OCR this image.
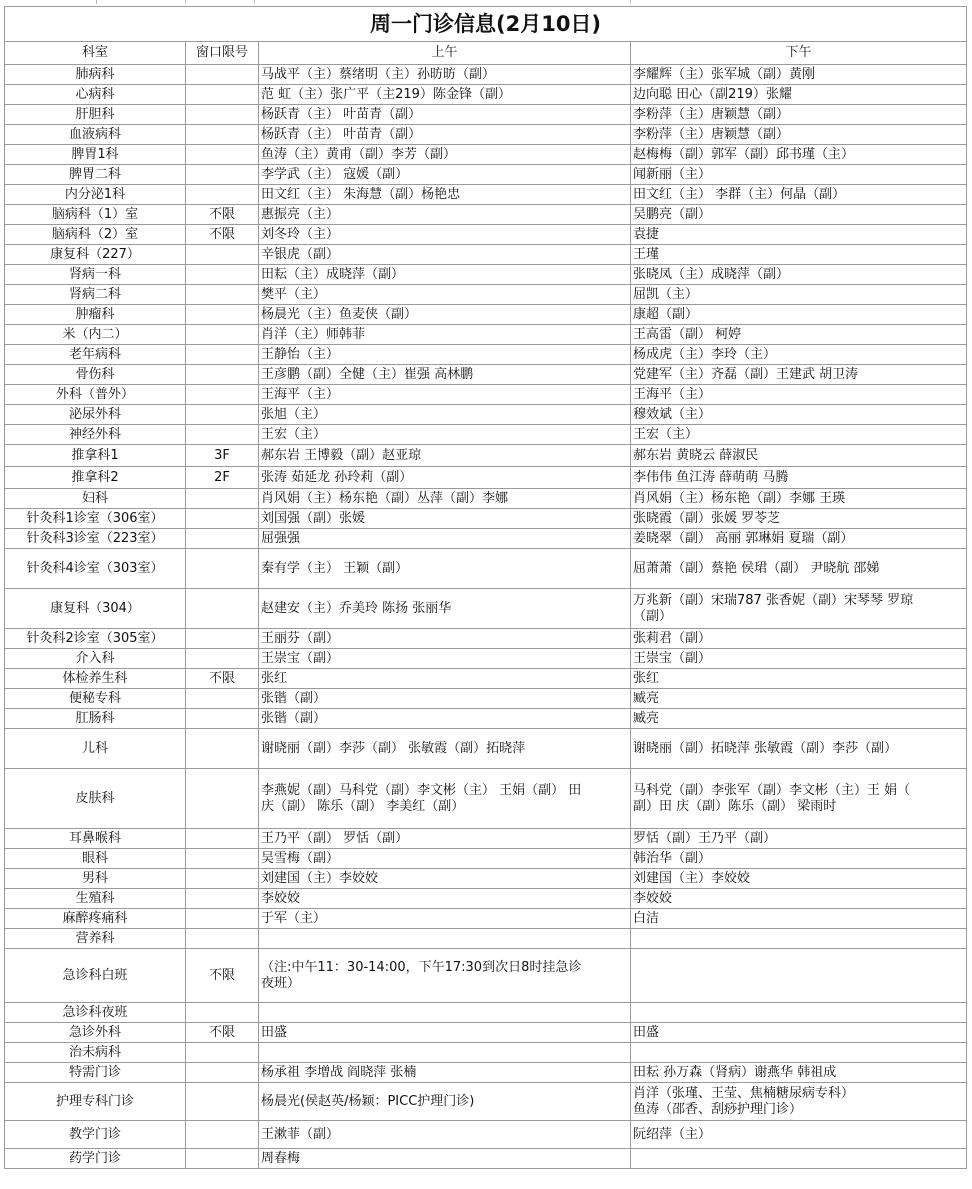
周一门诊信息(2月10日)			
科室	窗口限号	上午	下午
肺病科		马战平（主）蔡绪明（主）孙昉昉（副）	李耀辉（主）张军城（副）黄刚
心病科		范 虹（主）张广平（主219）陈金锋（副）	边向聪 田心（副219）张耀
肝胆科		杨跃青（主） 叶苗青（副）	李粉萍（主）唐颖慧（副）
血液病科		杨跃青（主） 叶苗青（副）	李粉萍（主）唐颖慧（副）
脾胃1科		鱼涛（主）黄甫（副）李芳（副）	赵梅梅（副）郭军（副）邱书瑾（主）
脾胃二科		李学武（主） 寇媛（副）	闻新丽（主）
内分泌1科		田文红（主） 朱海慧（副）杨艳忠	田文红（主） 李群（主）何晶（副）
脑病科（1）室	不限	惠振亮（主）	吴鹏亮（副）
脑病科（2）室	不限	刘冬玲（主）	袁捷
康复科（227）		辛银虎（副）	王瑾
肾病一科		田耘（主）成晓萍（副）	张晓凤（主）成晓萍（副）
肾病二科		樊平（主）	屈凯（主）
肿瘤科		杨晨光（主）鱼麦侠（副）	康超（副）
米（内二）		肖洋（主）师韩菲	王高雷（副） 柯婷
老年病科		王静怡（主）	杨成虎（主）李玲（主）
骨伤科		王彦鹏（副）全健（主）崔强 高林鹏	党建军（主）齐磊（副）王建武 胡卫涛
外科（普外）		王海平（主）	王海平（主）
泌尿外科		张旭（主）	穆效斌（主）
神经外科		王宏（主）	王宏（主）
推拿科1	3F	郝东岩 王博毅（副）赵亚琼	郝东岩 黄晓云 薛淑民
推拿科2	2F	张涛 茹延龙 孙玲莉（副）	李伟伟 鱼江涛 薛萌萌 马腾
妇科		肖风娟（主）杨东艳（副）丛萍（副）李娜	肖风娟（主）杨东艳（副）李娜 王瑛
针灸科1诊室（306室）		刘国强（副）张媛	张晓霞（副）张媛 罗苓芝
针灸科3诊室（223室）		屈强强	姜晓翠（副） 高丽 郭琳娟 夏瑞（副）
针灸科4诊室（303室）		秦有学（主） 王颖（副）	屈萧萧（副）蔡艳 侯珺（副） 尹晓航 邵娣
康复科（304）		赵建安（主）乔美玲 陈扬 张丽华	万兆新（副）宋瑞787 张香妮（副）宋琴琴 罗琼
（副）
针灸科2诊室（305室）		王丽芬（副）	张莉君（副）
介入科		王崇宝（副）	王崇宝（副）
体检养生科	不限	张红	张红
便秘专科		张锴（副）	臧亮
肛肠科		张锴（副）	臧亮
儿科		谢晓丽（副）李莎（副） 张敏霞（副）拓晓萍	谢晓丽（副）拓晓萍 张敏霞（副）李莎（副）
皮肤科		李燕妮（副）马科党（副）李文彬（主） 王娟（副） 田
庆（副） 陈乐（副） 李美红（副）	马科党（副）李张军（副）李文彬（主）王 娟（
副）田 庆（副）陈乐（副） 梁雨时
耳鼻喉科		王乃平（副） 罗恬（副）	罗恬（副）王乃平（副）
眼科		吴雪梅（副）	韩治华（副）
男科		刘建国（主）李姣姣	刘建国（主）李姣姣
生殖科		李姣姣	李姣姣
麻醉疼痛科		于军（主）	白洁
营养科			
急诊科白班	不限	（注:中午11：30-14:00，下午17:30到次日8时挂急诊
夜班）	
急诊科夜班			
急诊外科	不限	田盛	田盛
治未病科			
特需门诊		杨承祖 李增战 阎晓萍 张楠	田耘 孙万森（肾病）谢燕华 韩祖成
护理专科门诊		杨晨光(侯赵英/杨颖：PICC护理门诊)	肖洋（张瑾、王莹、焦楠糖尿病专科）
鱼涛（邵香、刮痧护理门诊）
教学门诊		王漱菲（副）	阮绍萍（主）
药学门诊		周春梅	
